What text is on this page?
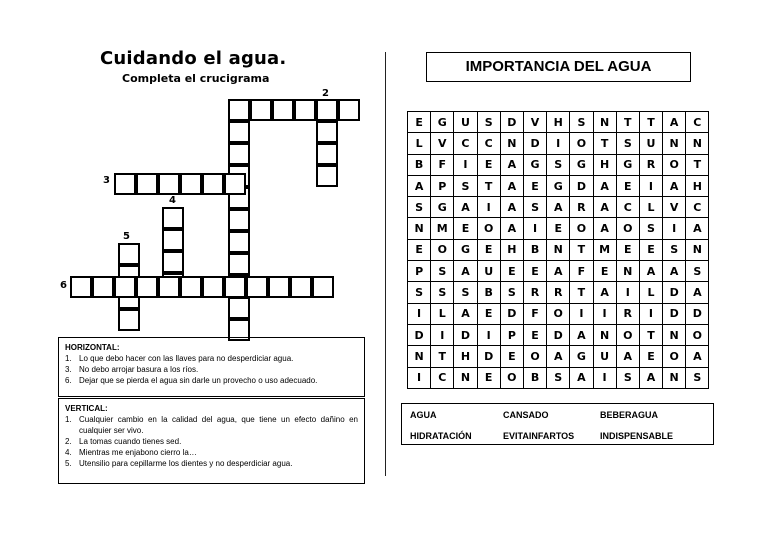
Cuidando el agua.
Completa el crucigrama
2
3
4
5
6
HORIZONTAL:
1. Lo que debo hacer con las llaves para no desperdiciar agua.
3. No debo arrojar basura a los ríos.
6. Dejar que se pierda el agua sin darle un provecho o uso adecuado.
VERTICAL:
1. Cualquier cambio en la calidad del agua, que tiene un efecto dañino en cualquier ser vivo.
2. La tomas cuando tienes sed.
4. Mientras me enjabono cierro la…
5. Utensilio para cepillarme los dientes y no desperdiciar agua.
IMPORTANCIA DEL AGUA
E	G	U	S	D	V	H	S	N	T	T	A	C
L	V	C	C	N	D	I	O	T	S	U	N	N
B	F	I	E	A	G	S	G	H	G	R	O	T
A	P	S	T	A	E	G	D	A	E	I	A	H
S	G	A	I	A	S	A	R	A	C	L	V	C
N	M	E	O	A	I	E	O	A	O	S	I	A
E	O	G	E	H	B	N	T	M	E	E	S	N
P	S	A	U	E	E	A	F	E	N	A	A	S
S	S	S	B	S	R	R	T	A	I	L	D	A
I	L	A	E	D	F	O	I	I	R	I	D	D
D	I	D	I	P	E	D	A	N	O	T	N	O
N	T	H	D	E	O	A	G	U	A	E	O	A
I	C	N	E	O	B	S	A	I	S	A	N	S
AGUA	CANSADO	BEBERAGUA
HIDRATACIÓN	EVITAINFARTOS	INDISPENSABLE
